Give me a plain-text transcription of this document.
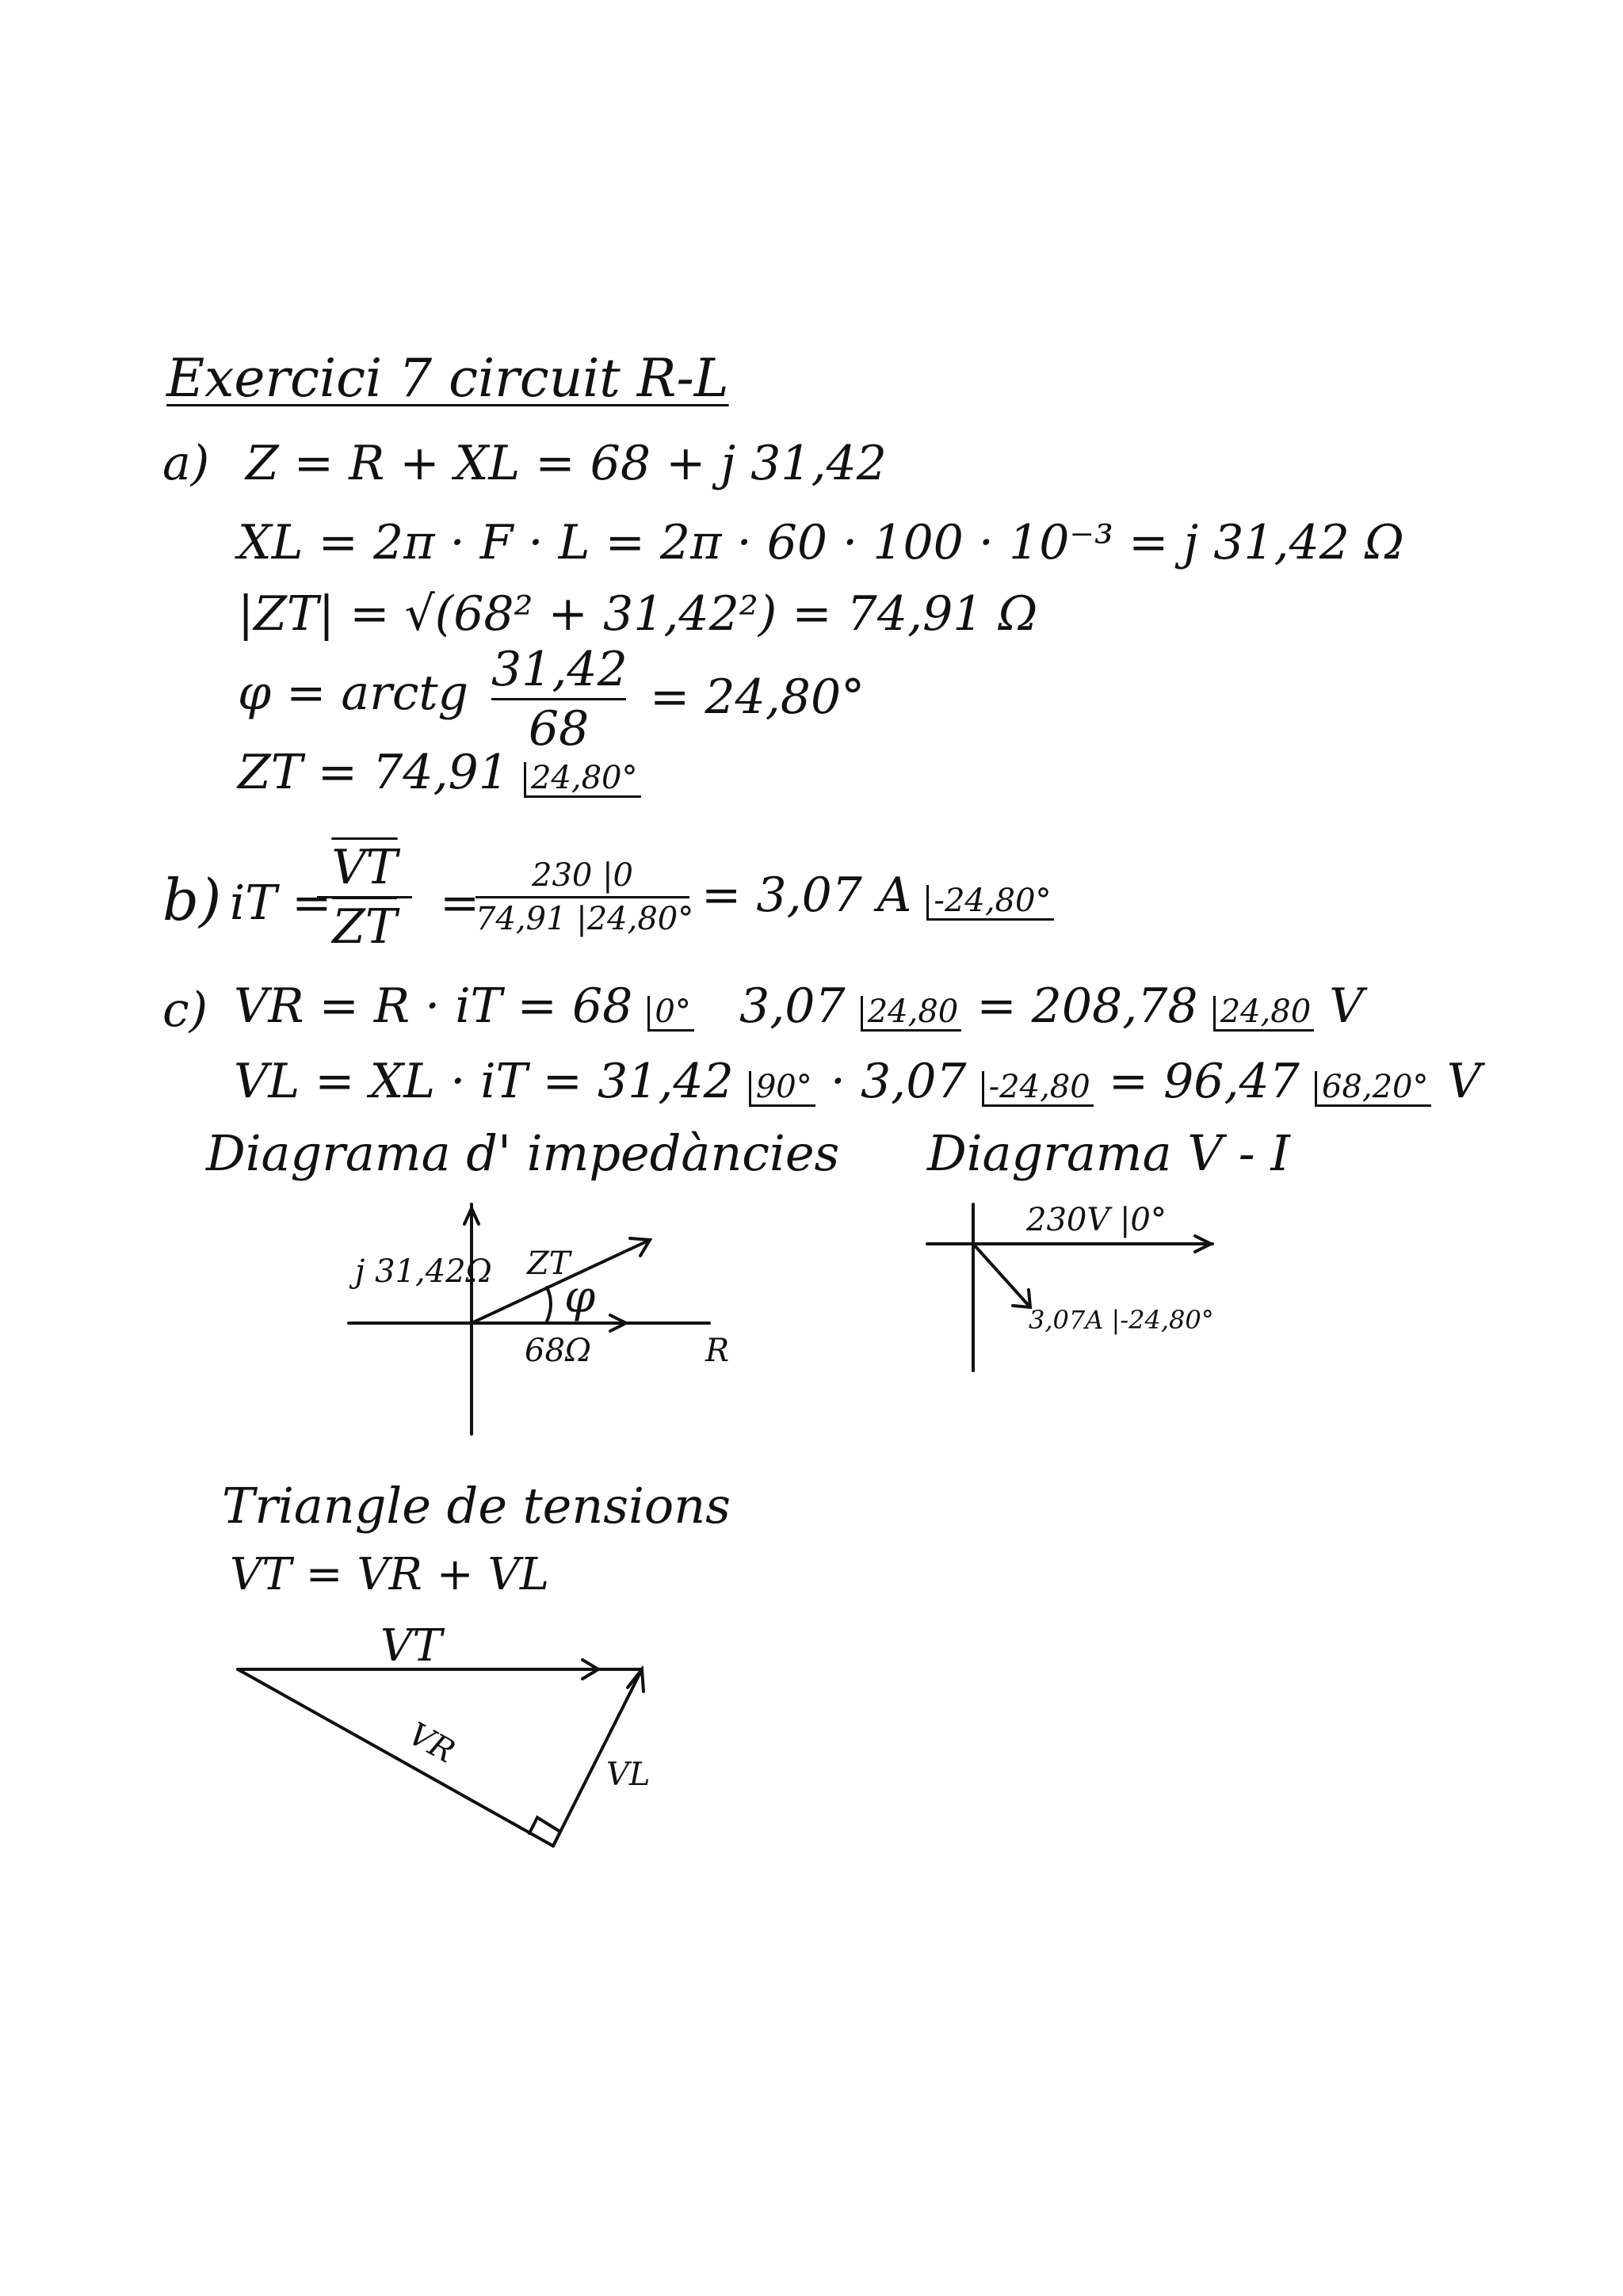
Exercici 7 circuit R-L
a) Z = R + XL = 68 + j 31,42
XL = 2π · F · L = 2π · 60 · 100 · 10⁻³ = j 31,42 Ω
|ZT| = √(68² + 31,42²) = 74,91 Ω
φ = arctg 31,42
68
= 24,80°
ZT = 74,91 24,80°
b) iT =
$\frac{\overline{VT}}{ZT}$ =	230 |0
74,91 |24,80° = 3,07 A -24,80°
c) VR = R · iT = 68 0° 3,07 24,80 = 208,78 24,80 V
VL = XL · iT = 31,42 90° · 3,07 -24,80 = 96,47 68,20° V
Diagrama d' impedàncies
j 31,42Ω ZT
φ
68Ω	R
Diagrama V - I
230V |0°
3,07A |-24,80°
Triangle de tensions
VT = VR + VL
VT
VR
VL
